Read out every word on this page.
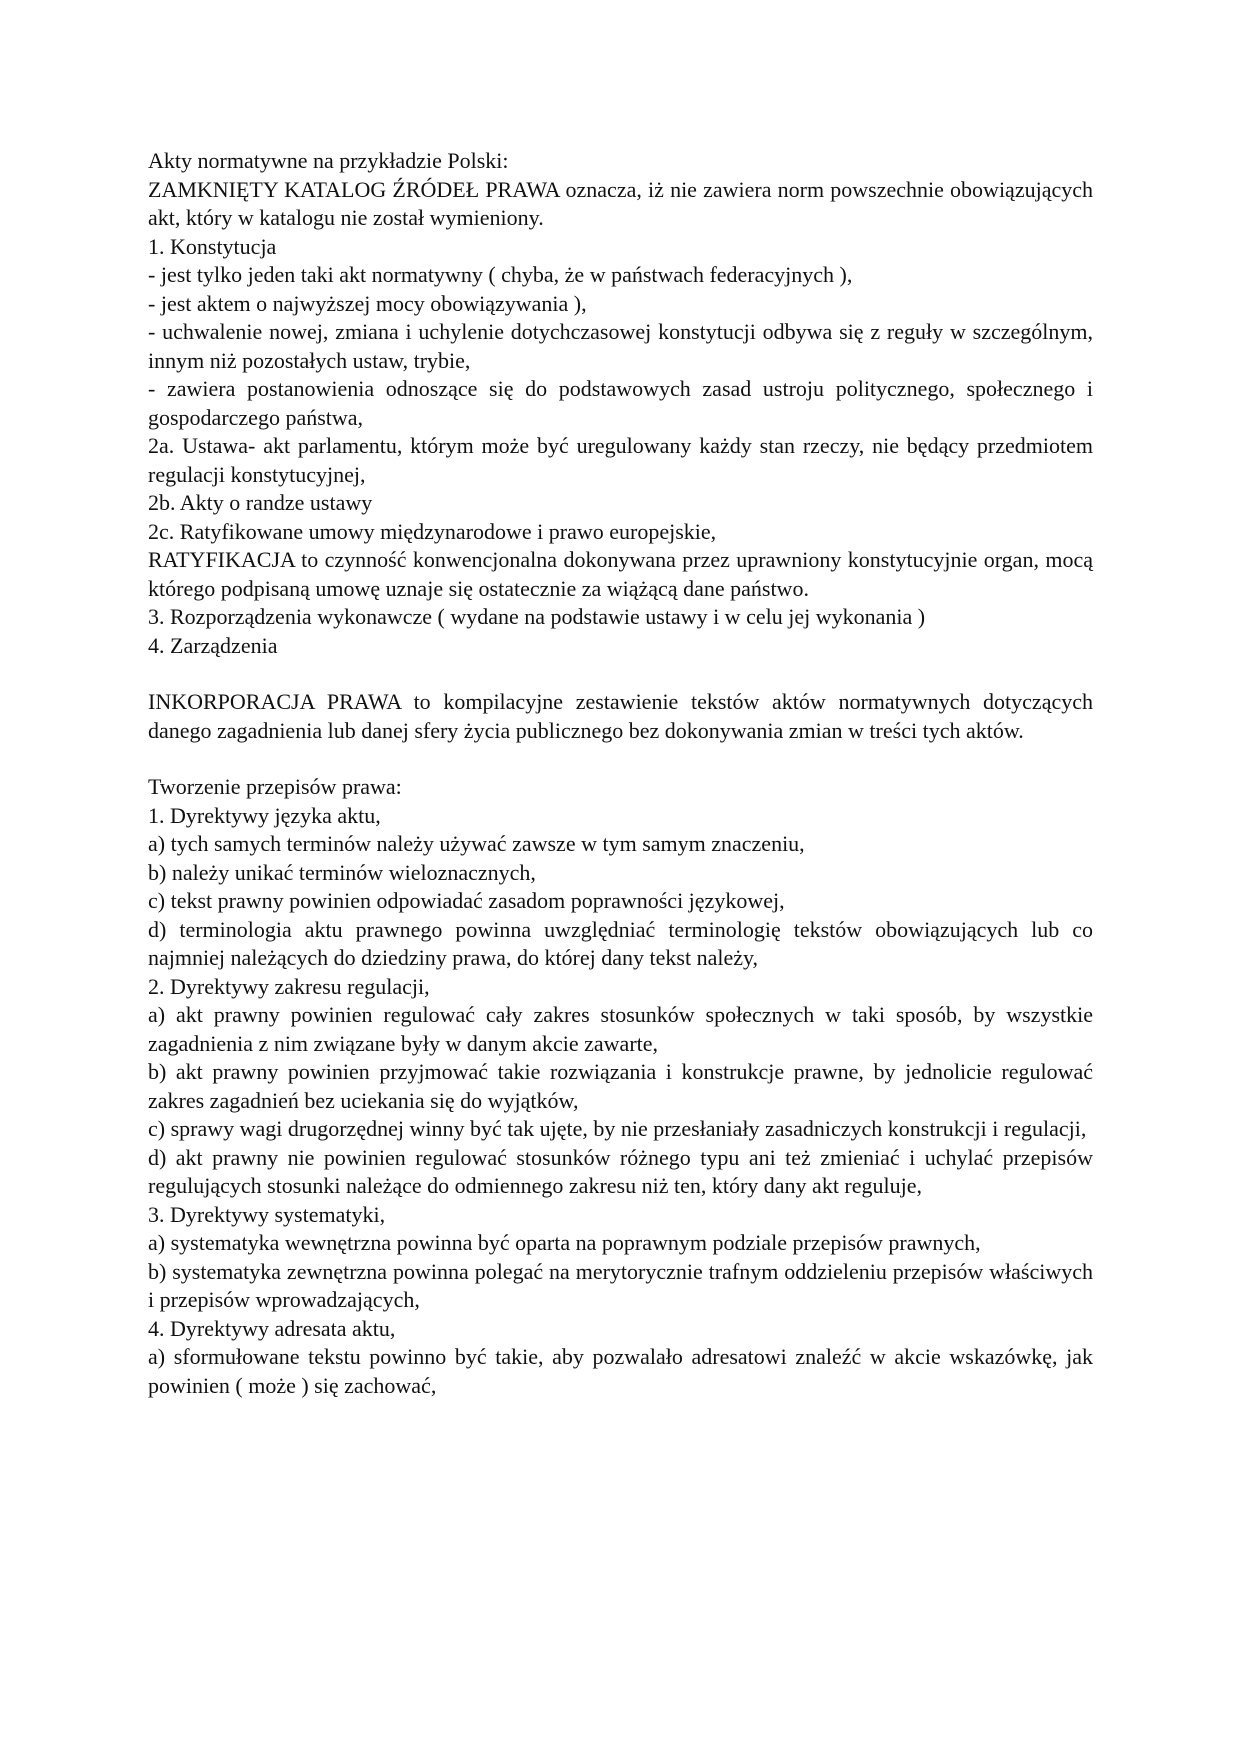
Akty normatywne na przykładzie Polski:

ZAMKNIĘTY KATALOG ŹRÓDEŁ PRAWA oznacza, iż nie zawiera norm powszechnie obowiązujących akt, który w katalogu nie został wymieniony.

1. Konstytucja

- jest tylko jeden taki akt normatywny ( chyba, że w państwach federacyjnych ),

- jest aktem o najwyższej mocy obowiązywania ),

- uchwalenie nowej, zmiana i uchylenie dotychczasowej konstytucji odbywa się z reguły w szczególnym, innym niż pozostałych ustaw, trybie,

- zawiera postanowienia odnoszące się do podstawowych zasad ustroju politycznego, społecznego i gospodarczego państwa,

2a. Ustawa- akt parlamentu, którym może być uregulowany każdy stan rzeczy, nie będący przedmiotem regulacji konstytucyjnej,

2b. Akty o randze ustawy

2c. Ratyfikowane umowy międzynarodowe i prawo europejskie,

RATYFIKACJA to czynność konwencjonalna dokonywana przez uprawniony konstytucyjnie organ, mocą którego podpisaną umowę uznaje się ostatecznie za wiążącą dane państwo.

3. Rozporządzenia wykonawcze ( wydane na podstawie ustawy i w celu jej wykonania )

4. Zarządzenia

INKORPORACJA PRAWA to kompilacyjne zestawienie tekstów aktów normatywnych dotyczących danego zagadnienia lub danej sfery życia publicznego bez dokonywania zmian w treści tych aktów.

Tworzenie przepisów prawa:

1. Dyrektywy języka aktu,

a) tych samych terminów należy używać zawsze w tym samym znaczeniu,

b) należy unikać terminów wieloznacznych,

c) tekst prawny powinien odpowiadać zasadom poprawności językowej,

d) terminologia aktu prawnego powinna uwzględniać terminologię tekstów obowiązujących lub co najmniej należących do dziedziny prawa, do której dany tekst należy,

2. Dyrektywy zakresu regulacji,

a) akt prawny powinien regulować cały zakres stosunków społecznych w taki sposób, by wszystkie zagadnienia z nim związane były w danym akcie zawarte,

b) akt prawny powinien przyjmować takie rozwiązania i konstrukcje prawne, by jednolicie regulować zakres zagadnień bez uciekania się do wyjątków,

c) sprawy wagi drugorzędnej winny być tak ujęte, by nie przesłaniały zasadniczych konstrukcji i regulacji,

d) akt prawny nie powinien regulować stosunków różnego typu ani też zmieniać i uchylać przepisów regulujących stosunki należące do odmiennego zakresu niż ten, który dany akt reguluje,

3. Dyrektywy systematyki,

a) systematyka wewnętrzna powinna być oparta na poprawnym podziale przepisów prawnych,

b) systematyka zewnętrzna powinna polegać na merytorycznie trafnym oddzieleniu przepisów właściwych i przepisów wprowadzających,

4. Dyrektywy adresata aktu,

a) sformułowane tekstu powinno być takie, aby pozwalało adresatowi znaleźć w akcie wskazówkę, jak powinien ( może ) się zachować,
